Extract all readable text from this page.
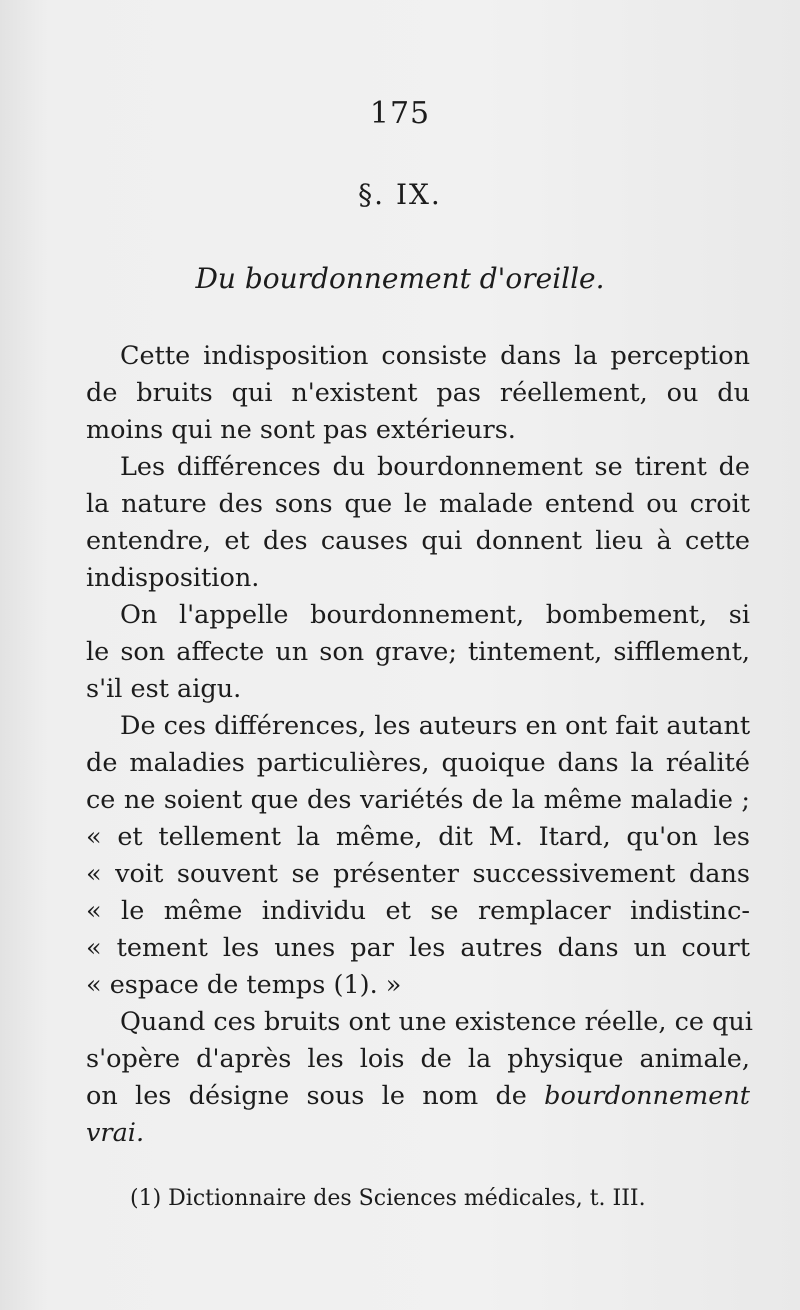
175
§. IX.
Du bourdonnement d'oreille.
Cette indisposition consiste dans la perception
de bruits qui n'existent pas réellement, ou du
moins qui ne sont pas extérieurs.
Les différences du bourdonnement se tirent de
la nature des sons que le malade entend ou croit
entendre, et des causes qui donnent lieu à cette
indisposition.
On l'appelle bourdonnement, bombement, si
le son affecte un son grave; tintement, sifflement,
s'il est aigu.
De ces différences, les auteurs en ont fait autant
de maladies particulières, quoique dans la réalité
ce ne soient que des variétés de la même maladie ;
« et tellement la même, dit M. Itard, qu'on les
« voit souvent se présenter successivement dans
« le même individu et se remplacer indistinc-
« tement les unes par les autres dans un court
« espace de temps (1). »
Quand ces bruits ont une existence réelle, ce qui
s'opère d'après les lois de la physique animale,
on les désigne sous le nom de bourdonnement
vrai.
(1) Dictionnaire des Sciences médicales, t. III.
